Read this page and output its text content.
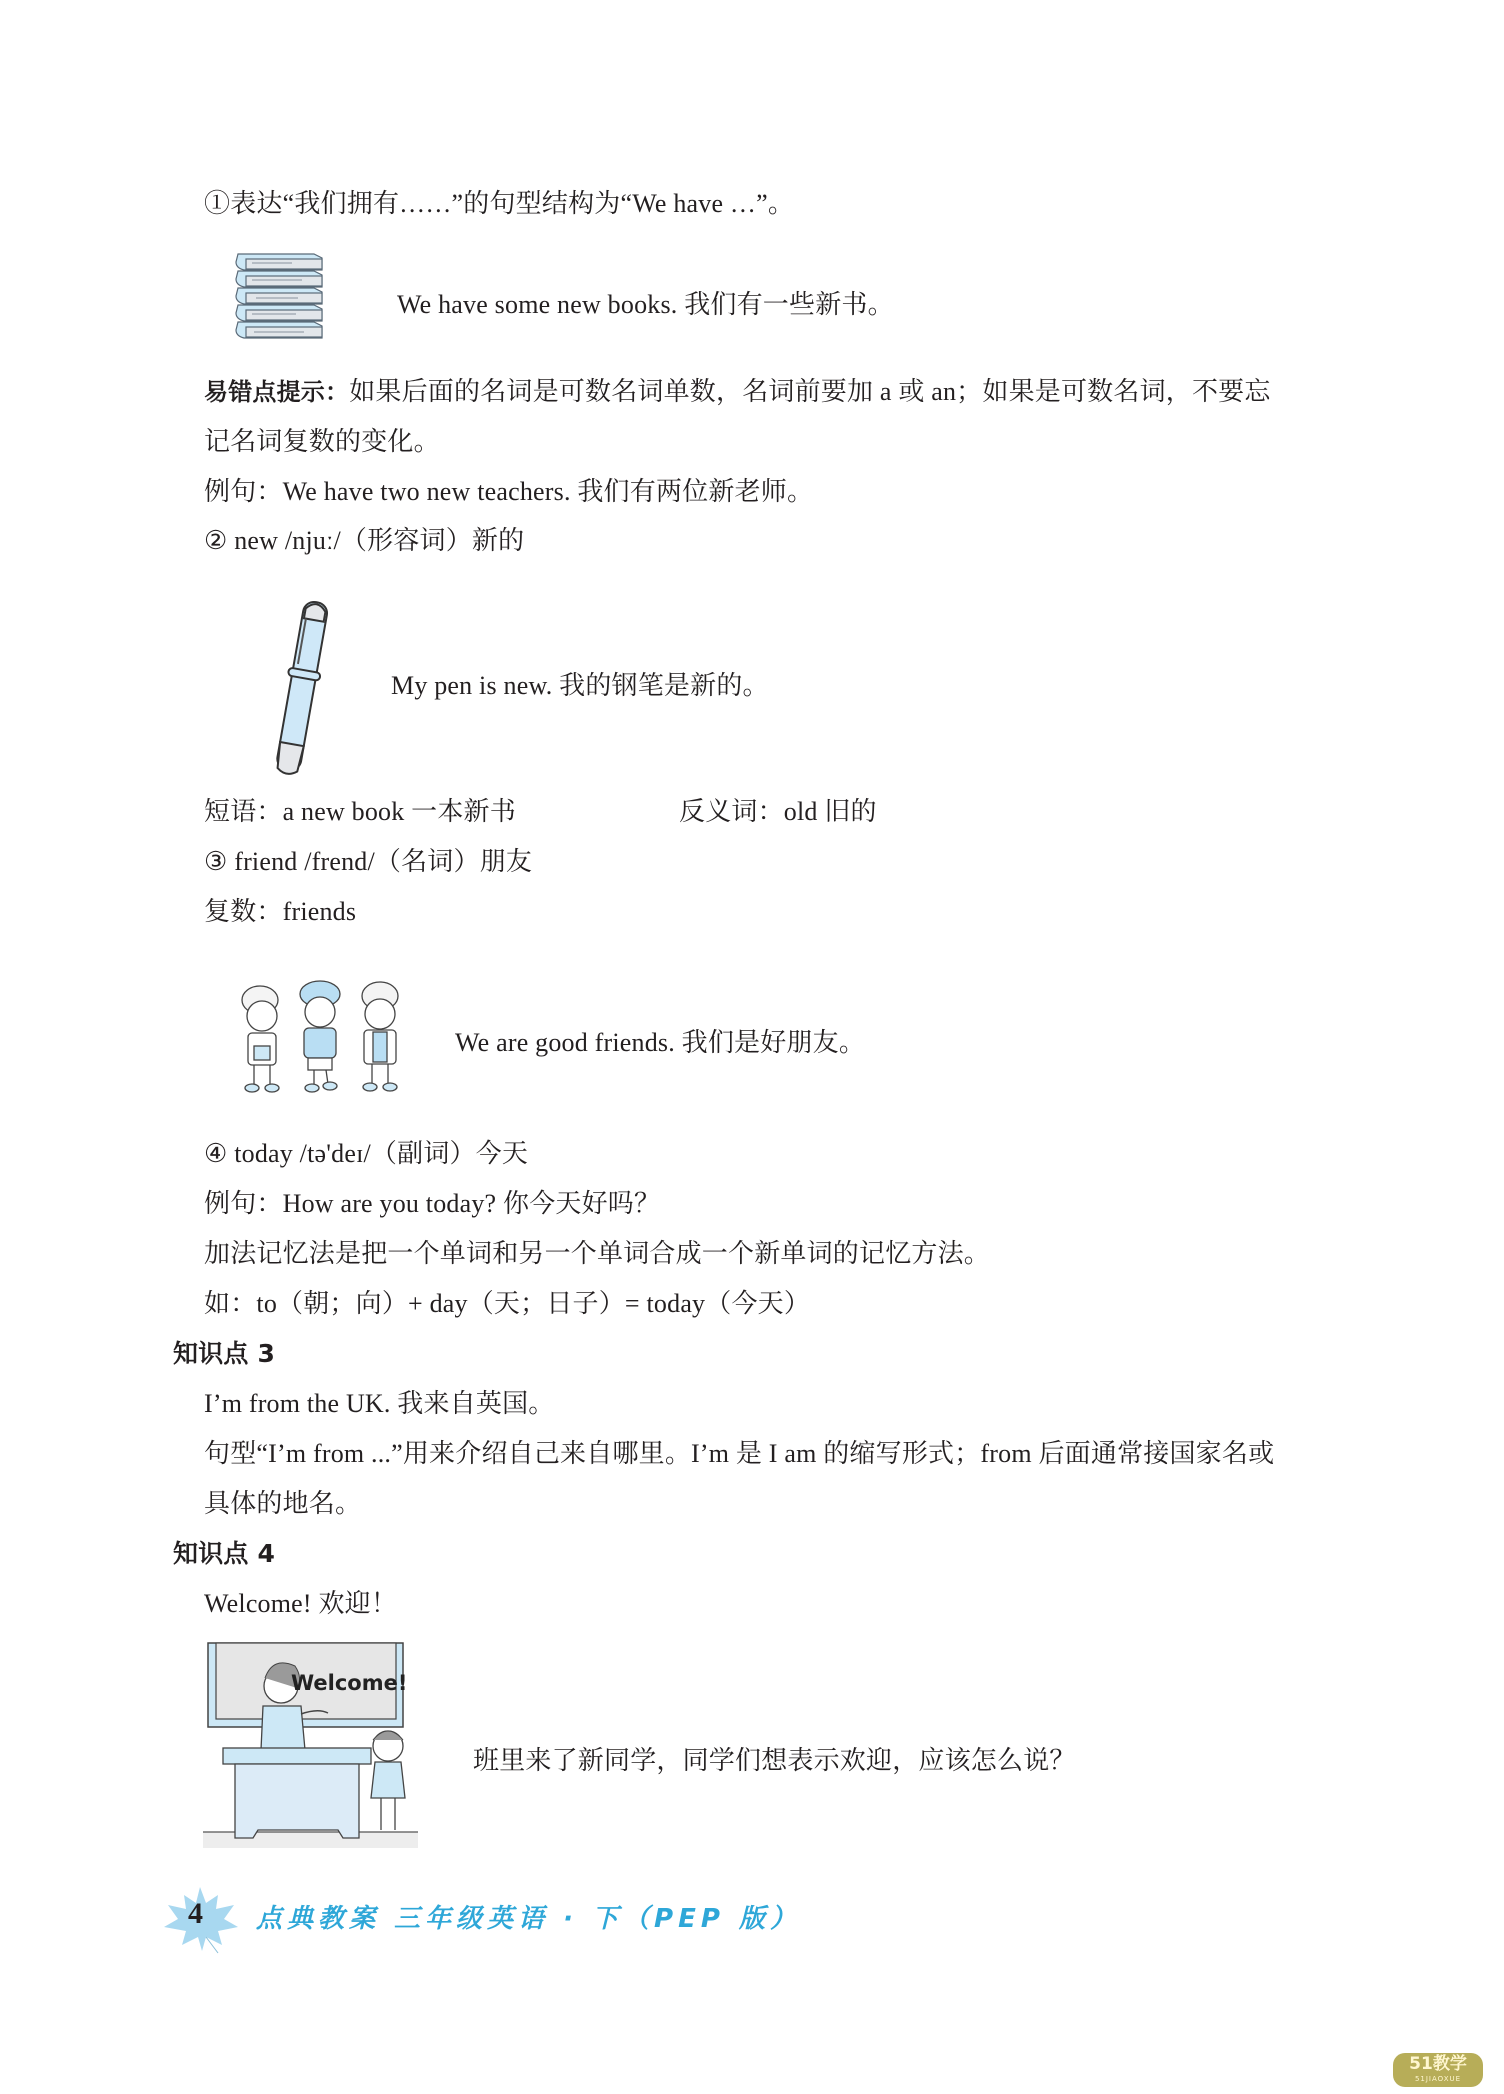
①表达“我们拥有……”的句型结构为“We have …”。
We have some new books. 我们有一些新书。
易错点提示：如果后面的名词是可数名词单数，名词前要加 a 或 an；如果是可数名词，不要忘
记名词复数的变化。
例句：We have two new teachers. 我们有两位新老师。
② new /njuː/（形容词）新的
My pen is new. 我的钢笔是新的。
短语：a new book 一本新书	反义词：old 旧的
③ friend /frend/（名词）朋友
复数：friends
We are good friends. 我们是好朋友。
④ today /tə'deɪ/（副词）今天
例句：How are you today? 你今天好吗？
加法记忆法是把一个单词和另一个单词合成一个新单词的记忆方法。
如：to（朝；向）+ day（天；日子）= today（今天）
知识点 3
I’m from the UK. 我来自英国。
句型“I’m from ...”用来介绍自己来自哪里。I’m 是 I am 的缩写形式；from 后面通常接国家名或
具体的地名。
知识点 4
Welcome! 欢迎！
Welcome!
班里来了新同学，同学们想表示欢迎，应该怎么说？
4 点典教案 三年级英语 · 下（PEP 版）
51教学
51JIAOXUE
